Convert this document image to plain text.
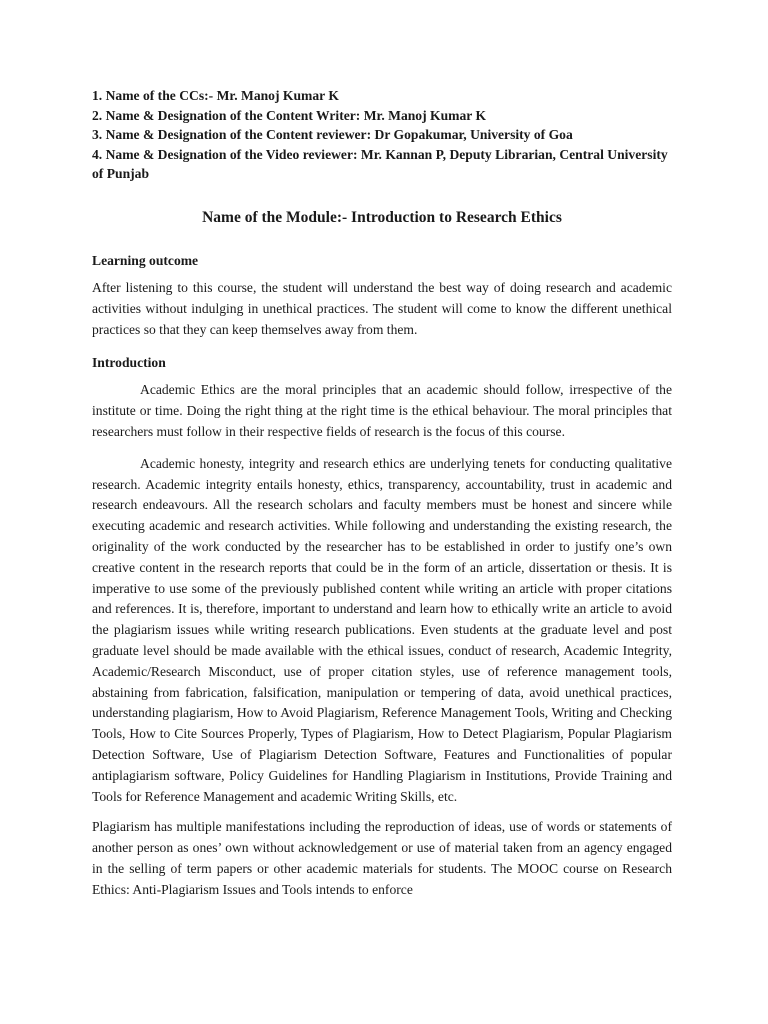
1. Name of the CCs:- Mr. Manoj Kumar K
2. Name & Designation of the Content Writer: Mr. Manoj Kumar K
3. Name & Designation of the Content reviewer: Dr Gopakumar, University of Goa
4. Name & Designation of the Video reviewer: Mr. Kannan P, Deputy Librarian, Central University of Punjab
Name of the Module:- Introduction to Research Ethics
Learning outcome

After listening to this course, the student will understand the best way of doing research and academic activities without indulging in unethical practices. The student will come to know the different unethical practices so that they can keep themselves away from them.

Introduction

Academic Ethics are the moral principles that an academic should follow, irrespective of the institute or time. Doing the right thing at the right time is the ethical behaviour. The moral principles that researchers must follow in their respective fields of research is the focus of this course.

Academic honesty, integrity and research ethics are underlying tenets for conducting qualitative research. Academic integrity entails honesty, ethics, transparency, accountability, trust in academic and research endeavours. All the research scholars and faculty members must be honest and sincere while executing academic and research activities. While following and understanding the existing research, the originality of the work conducted by the researcher has to be established in order to justify one’s own creative content in the research reports that could be in the form of an article, dissertation or thesis. It is imperative to use some of the previously published content while writing an article with proper citations and references. It is, therefore, important to understand and learn how to ethically write an article to avoid the plagiarism issues while writing research publications. Even students at the graduate level and post graduate level should be made available with the ethical issues, conduct of research, Academic Integrity, Academic/Research Misconduct, use of proper citation styles, use of reference management tools, abstaining from fabrication, falsification, manipulation or tempering of data, avoid unethical practices, understanding plagiarism, How to Avoid Plagiarism, Reference Management Tools, Writing and Checking Tools, How to Cite Sources Properly, Types of Plagiarism, How to Detect Plagiarism, Popular Plagiarism Detection Software, Use of Plagiarism Detection Software, Features and Functionalities of popular antiplagiarism software, Policy Guidelines for Handling Plagiarism in Institutions, Provide Training and Tools for Reference Management and academic Writing Skills, etc.

Plagiarism has multiple manifestations including the reproduction of ideas, use of words or statements of another person as ones’ own without acknowledgement or use of material taken from an agency engaged in the selling of term papers or other academic materials for students. The MOOC course on Research Ethics: Anti-Plagiarism Issues and Tools intends to enforce
